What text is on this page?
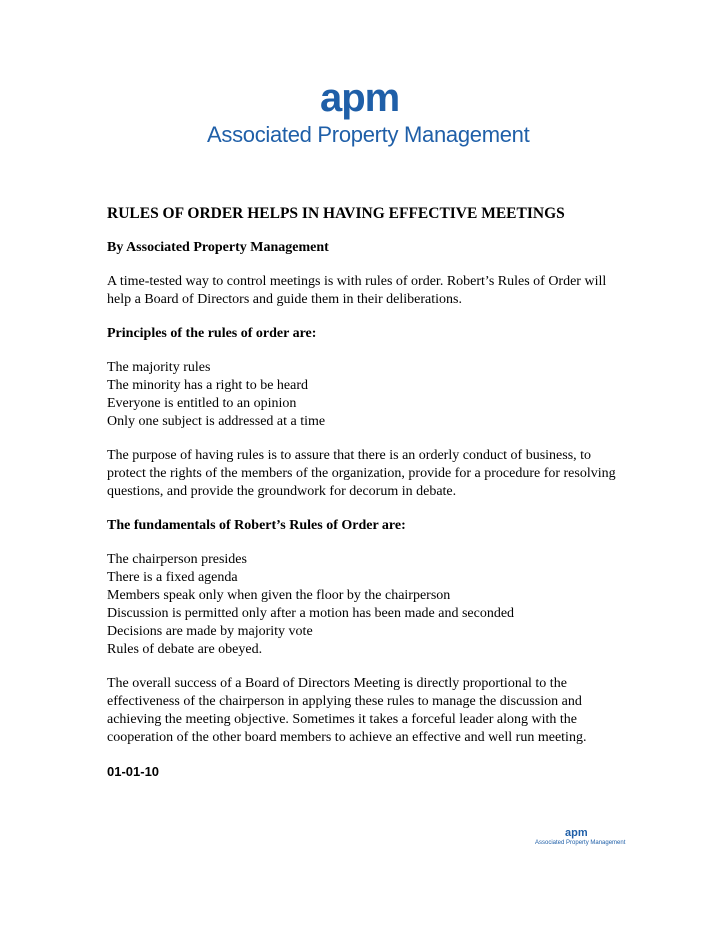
apm
Associated Property Management
RULES OF ORDER HELPS IN HAVING EFFECTIVE MEETINGS
By Associated Property Management

A time-tested way to control meetings is with rules of order. Robert’s Rules of Order will help a Board of Directors and guide them in their deliberations.

Principles of the rules of order are:
The majority rules
The minority has a right to be heard
Everyone is entitled to an opinion
Only one subject is addressed at a time

The purpose of having rules is to assure that there is an orderly conduct of business, to protect the rights of the members of the organization, provide for a procedure for resolving questions, and provide the groundwork for decorum in debate.

The fundamentals of Robert’s Rules of Order are:
The chairperson presides
There is a fixed agenda
Members speak only when given the floor by the chairperson
Discussion is permitted only after a motion has been made and seconded
Decisions are made by majority vote
Rules of debate are obeyed.

The overall success of a Board of Directors Meeting is directly proportional to the effectiveness of the chairperson in applying these rules to manage the discussion and achieving the meeting objective. Sometimes it takes a forceful leader along with the cooperation of the other board members to achieve an effective and well run meeting.

01-01-10
apm
Associated Property Management
